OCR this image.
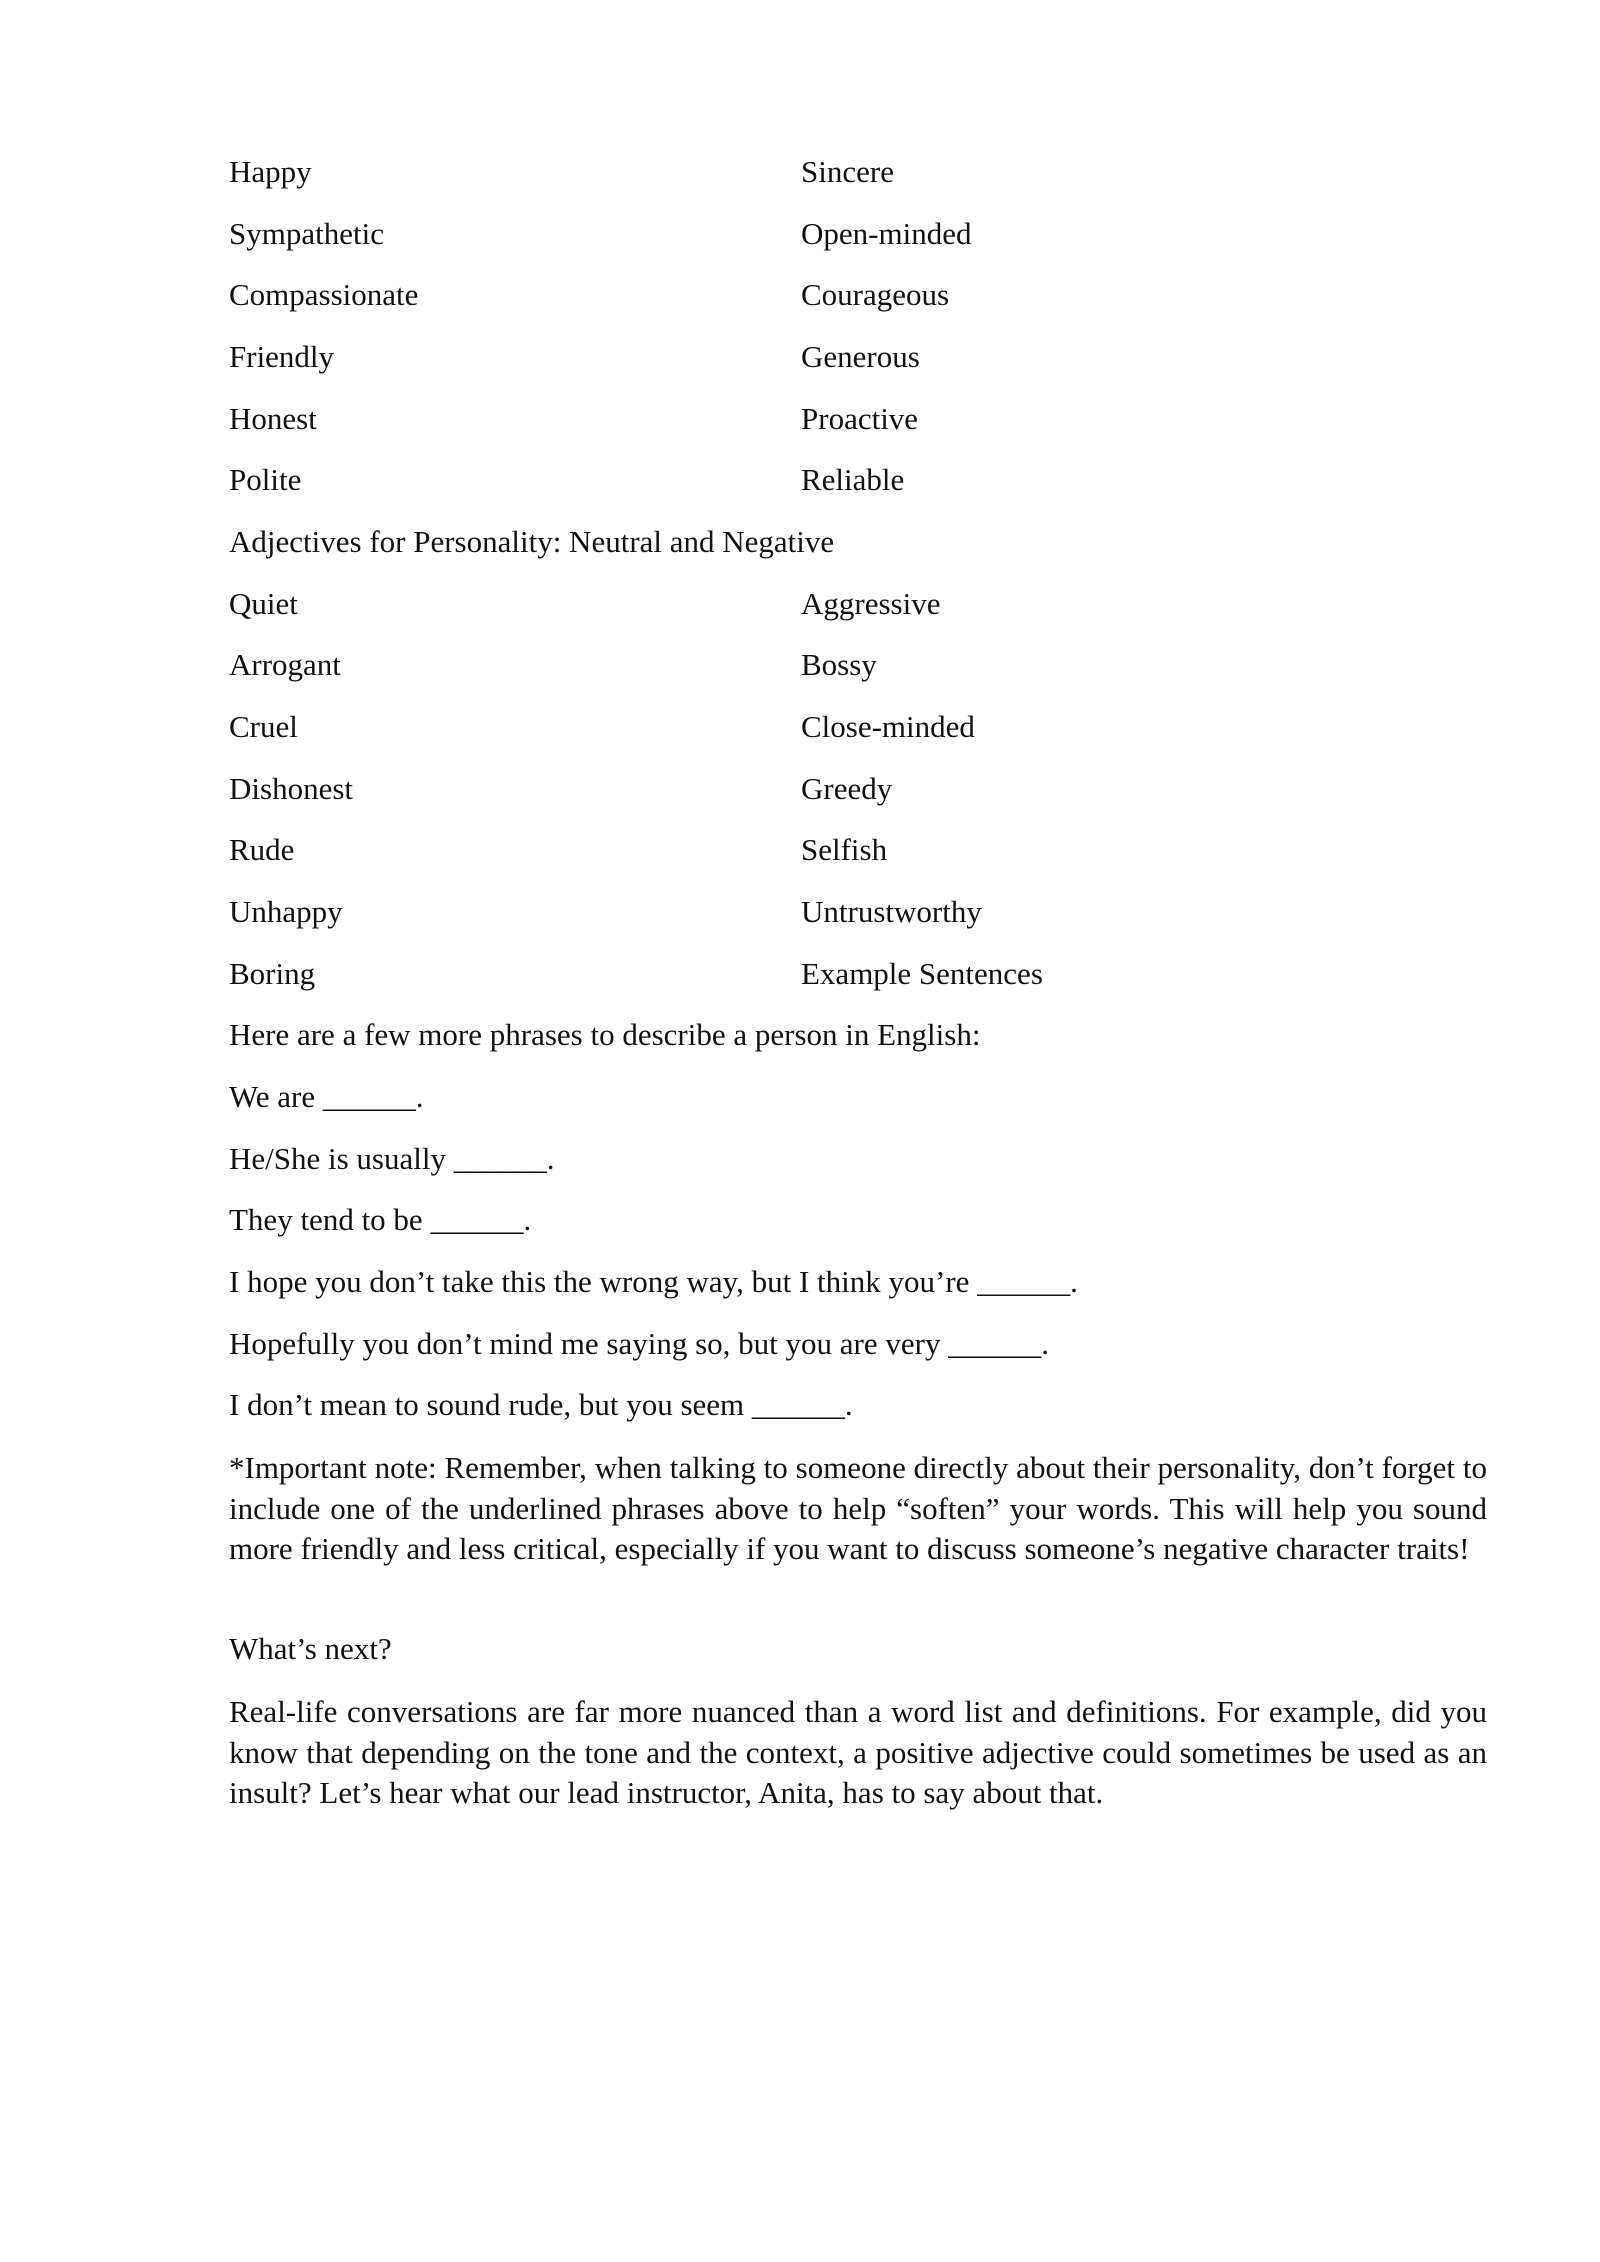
Happy	Sincere
Sympathetic	Open-minded
Compassionate	Courageous
Friendly	Generous
Honest	Proactive
Polite	Reliable
Adjectives for Personality: Neutral and Negative
Quiet	Aggressive
Arrogant	Bossy
Cruel	Close-minded
Dishonest	Greedy
Rude	Selfish
Unhappy	Untrustworthy
Boring	Example Sentences
Here are a few more phrases to describe a person in English:
We are ______.
He/She is usually ______.
They tend to be ______.
I hope you don’t take this the wrong way, but I think you’re ______.
Hopefully you don’t mind me saying so, but you are very ______.
I don’t mean to sound rude, but you seem ______.
*Important note: Remember, when talking to someone directly about their personality, don’t forget to include one of the underlined phrases above to help “soften” your words. This will help you sound more friendly and less critical, especially if you want to discuss someone’s negative character traits!
What’s next?
Real-life conversations are far more nuanced than a word list and definitions. For example, did you know that depending on the tone and the context, a positive adjective could sometimes be used as an insult? Let’s hear what our lead instructor, Anita, has to say about that.
